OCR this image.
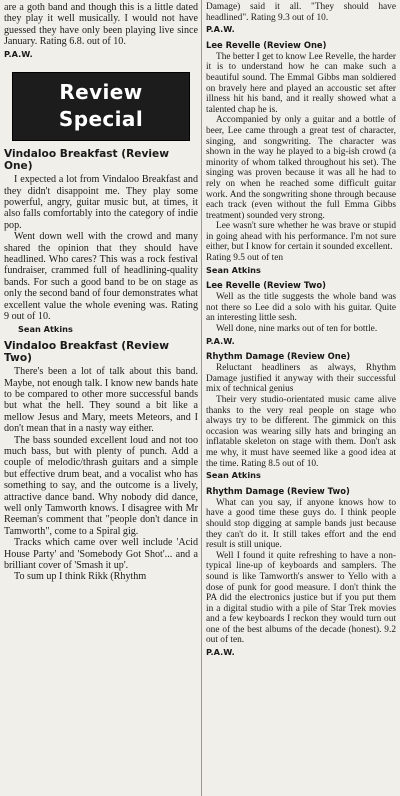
are a goth band and though this is a little dated they play it well musically. I would not have guessed they have only been playing live since January. Rating 6.8. out of 10.

P.A.W.
Review
Special
Vindaloo Breakfast (Review One)

I expected a lot from Vindaloo Breakfast and they didn't disappoint me. They play some powerful, angry, guitar music but, at times, it also falls comfortably into the category of indie pop.

Went down well with the crowd and many shared the opinion that they should have headlined. Who cares? This was a rock festival fundraiser, crammed full of headlining-quality bands. For such a good band to be on stage as only the second band of four demonstrates what excellent value the whole evening was. Rating 9 out of 10.

Sean Atkins
Vindaloo Breakfast (Review Two)

There's been a lot of talk about this band. Maybe, not enough talk. I know new bands hate to be compared to other more successful bands but what the hell. They sound a bit like a mellow Jesus and Mary, meets Meteors, and I don't mean that in a nasty way either.

The bass sounded excellent loud and not too much bass, but with plenty of punch. Add a couple of melodic/thrash guitars and a simple but effective drum beat, and a vocalist who has something to say, and the outcome is a lively, attractive dance band. Why nobody did dance, well only Tamworth knows. I disagree with Mr Reeman's comment that "people don't dance in Tamworth", come to a Spiral gig.

Tracks which came over well include 'Acid House Party' and 'Somebody Got Shot'... and a brilliant cover of 'Smash it up'.

To sum up I think Rikk (Rhythm

Damage) said it all. "They should have headlined". Rating 9.3 out of 10.

P.A.W.
Lee Revelle (Review One)

The better I get to know Lee Revelle, the harder it is to understand how he can make such a beautiful sound. The Emmal Gibbs man soldiered on bravely here and played an accoustic set after illness hit his band, and it really showed what a talented chap he is.

Accompanied by only a guitar and a bottle of beer, Lee came through a great test of character, singing, and songwriting. The character was shown in the way he played to a big-ish crowd (a minority of whom talked throughout his set). The singing was proven because it was all he had to rely on when he reached some difficult guitar work. And the songwriting shone through because each track (even without the full Emma Gibbs treatment) sounded very strong.

Lee wasn't sure whether he was brave or stupid in going ahead with his performance. I'm not sure either, but I know for certain it sounded excellent.

Rating 9.5 out of ten

Sean Atkins
Lee Revelle (Review Two)

Well as the title suggests the whole band was not there so Lee did a solo with his guitar. Quite an interesting little sesh.

Well done, nine marks out of ten for bottle.

P.A.W.
Rhythm Damage (Review One)

Reluctant headliners as always, Rhythm Damage justified it anyway with their successful mix of technical genius

Their very studio-orientated music came alive thanks to the very real people on stage who always try to be different. The gimmick on this occasion was wearing silly hats and bringing an inflatable skeleton on stage with them. Don't ask me why, it must have seemed like a good idea at the time. Rating 8.5 out of 10.

Sean Atkins
Rhythm Damage (Review Two)

What can you say, if anyone knows how to have a good time these guys do. I think people should stop digging at sample bands just because they can't do it. It still takes effort and the end result is still unique.

Well I found it quite refreshing to have a non-typical line-up of keyboards and samplers. The sound is like Tamworth's answer to Yello with a dose of punk for good measure. I don't think the PA did the electronics justice but if you put them in a digital studio with a pile of Star Trek movies and a few keyboards I reckon they would turn out one of the best albums of the decade (honest). 9.2 out of ten.

P.A.W.
